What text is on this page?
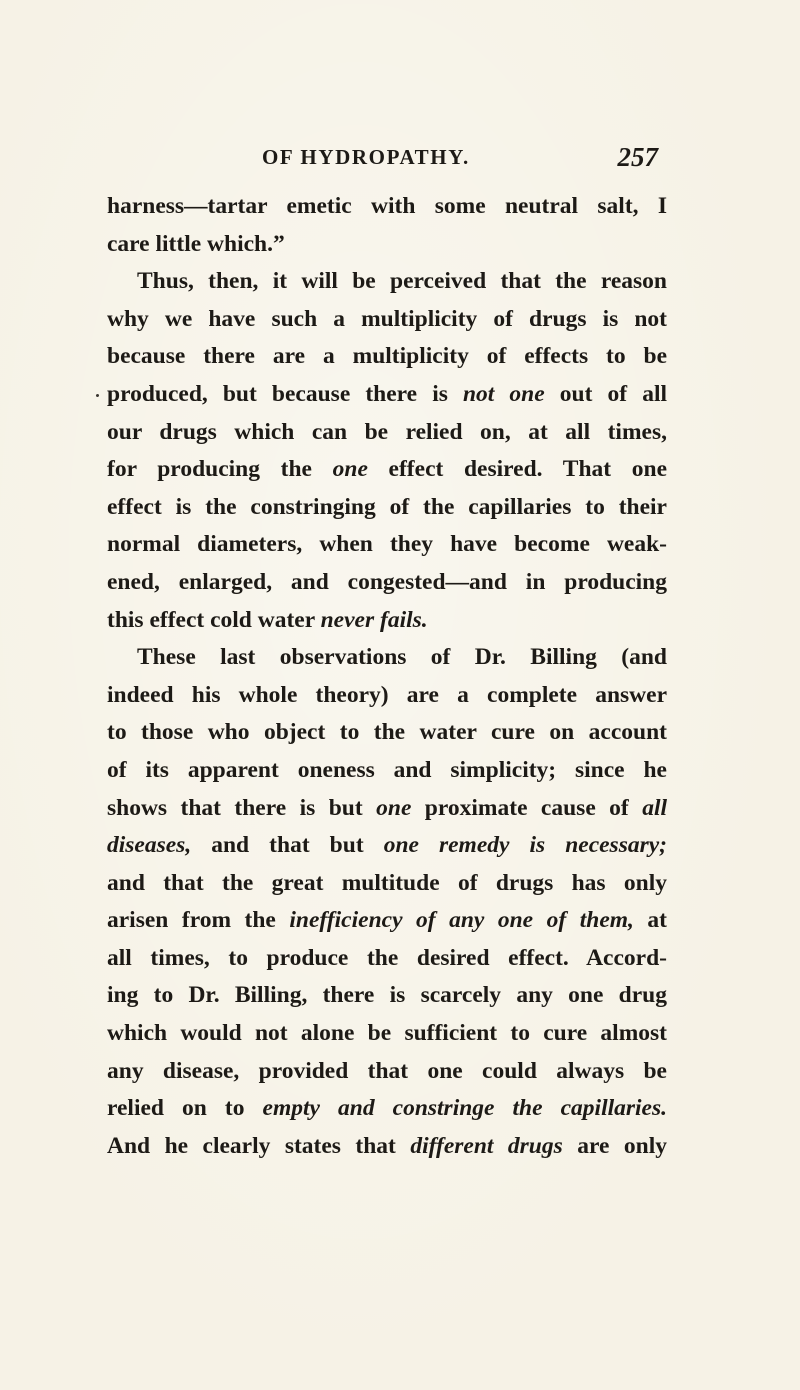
OF HYDROPATHY.	257
harness—tartar emetic with some neutral salt, I
care little which.”
Thus, then, it will be perceived that the reason
why we have such a multiplicity of drugs is not
because there are a multiplicity of effects to be
produced, but because there is not one out of all
our drugs which can be relied on, at all times,
for producing the one effect desired. That one
effect is the constringing of the capillaries to their
normal diameters, when they have become weak-
ened, enlarged, and congested—and in producing
this effect cold water never fails.
These last observations of Dr. Billing (and
indeed his whole theory) are a complete answer
to those who object to the water cure on account
of its apparent oneness and simplicity; since he
shows that there is but one proximate cause of all
diseases, and that but one remedy is necessary;
and that the great multitude of drugs has only
arisen from the inefficiency of any one of them, at
all times, to produce the desired effect. Accord-
ing to Dr. Billing, there is scarcely any one drug
which would not alone be sufficient to cure almost
any disease, provided that one could always be
relied on to empty and constringe the capillaries.
And he clearly states that different drugs are only
